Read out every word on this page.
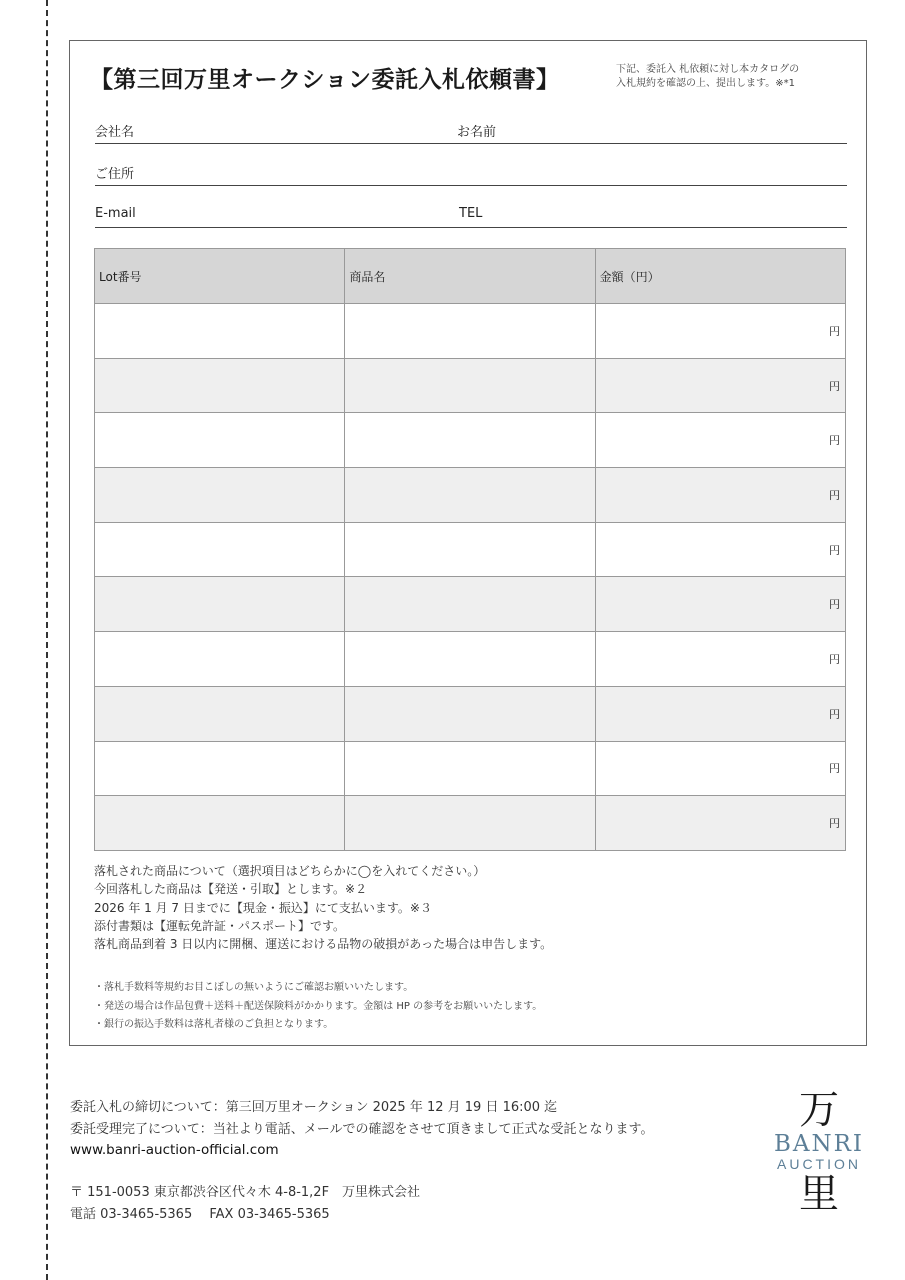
【第三回万里オークション委託入札依頼書】	下記、委託入 札依頼に対し本カタログの
入札規約を確認の上、提出します。※*1
会社名	お名前
ご住所
E-mail	TEL
Lot番号	商品名	金額（円）
		円
		円
		円
		円
		円
		円
		円
		円
		円
		円
落札された商品について（選択項目はどちらかに◯を入れてください。）
今回落札した商品は【発送・引取】とします。※２
2026 年 1 月 7 日までに【現金・振込】にて支払います。※３
添付書類は【運転免許証・パスポート】です。
落札商品到着 3 日以内に開梱、運送における品物の破損があった場合は申告します。
・落札手数料等規約お目こぼしの無いようにご確認お願いいたします。
・発送の場合は作品包費＋送料＋配送保険料がかかります。金額は HP の参考をお願いいたします。
・銀行の振込手数料は落札者様のご負担となります。
委託入札の締切について：第三回万里オークション 2025 年 12 月 19 日 16:00 迄
委託受理完了について：当社より電話、メールでの確認をさせて頂きまして正式な受託となります。
www.banri-auction-official.com
〒 151-0053 東京都渋谷区代々木 4-8-1,2F　万里株式会社
電話 03-3465-5365　 FAX 03-3465-5365
万
BANRI
AUCTION
里
